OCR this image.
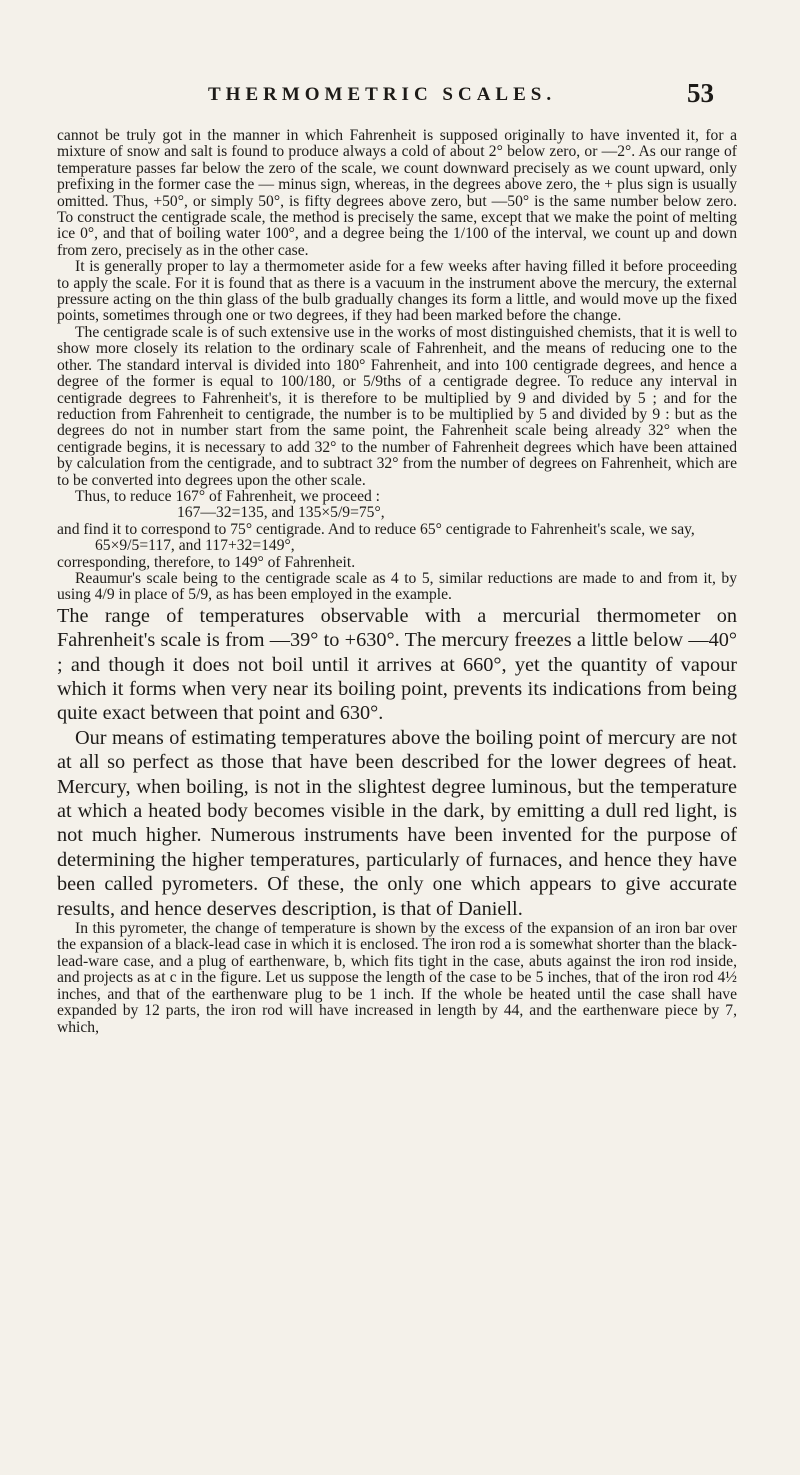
THERMOMETRIC SCALES.	53

cannot be truly got in the manner in which Fahrenheit is supposed originally to have invented it, for a mixture of snow and salt is found to produce always a cold of about 2° below zero, or —2°. As our range of temperature passes far below the zero of the scale, we count downward precisely as we count upward, only prefixing in the former case the — minus sign, whereas, in the degrees above zero, the + plus sign is usually omitted. Thus, +50°, or simply 50°, is fifty degrees above zero, but —50° is the same number below zero. To construct the centigrade scale, the method is precisely the same, except that we make the point of melting ice 0°, and that of boiling water 100°, and a degree being the 1/100 of the interval, we count up and down from zero, precisely as in the other case.

It is generally proper to lay a thermometer aside for a few weeks after having filled it before proceeding to apply the scale. For it is found that as there is a vacuum in the instrument above the mercury, the external pressure acting on the thin glass of the bulb gradually changes its form a little, and would move up the fixed points, sometimes through one or two degrees, if they had been marked before the change.

The centigrade scale is of such extensive use in the works of most distinguished chemists, that it is well to show more closely its relation to the ordinary scale of Fahrenheit, and the means of reducing one to the other. The standard interval is divided into 180° Fahrenheit, and into 100 centigrade degrees, and hence a degree of the former is equal to 100/180, or 5/9ths of a centigrade degree. To reduce any interval in centigrade degrees to Fahrenheit's, it is therefore to be multiplied by 9 and divided by 5 ; and for the reduction from Fahrenheit to centigrade, the number is to be multiplied by 5 and divided by 9 : but as the degrees do not in number start from the same point, the Fahrenheit scale being already 32° when the centigrade begins, it is necessary to add 32° to the number of Fahrenheit degrees which have been attained by calculation from the centigrade, and to subtract 32° from the number of degrees on Fahrenheit, which are to be converted into degrees upon the other scale.

Thus, to reduce 167° of Fahrenheit, we proceed :

167—32=135, and 135×5/9=75°,

and find it to correspond to 75° centigrade. And to reduce 65° centigrade to Fahrenheit's scale, we say,

65×9/5=117, and 117+32=149°,

corresponding, therefore, to 149° of Fahrenheit.

Reaumur's scale being to the centigrade scale as 4 to 5, similar reductions are made to and from it, by using 4/9 in place of 5/9, as has been employed in the example.

The range of temperatures observable with a mercurial thermometer on Fahrenheit's scale is from —39° to +630°. The mercury freezes a little below —40° ; and though it does not boil until it arrives at 660°, yet the quantity of vapour which it forms when very near its boiling point, prevents its indications from being quite exact between that point and 630°.

Our means of estimating temperatures above the boiling point of mercury are not at all so perfect as those that have been described for the lower degrees of heat. Mercury, when boiling, is not in the slightest degree luminous, but the temperature at which a heated body becomes visible in the dark, by emitting a dull red light, is not much higher. Numerous instruments have been invented for the purpose of determining the higher temperatures, particularly of furnaces, and hence they have been called pyrometers. Of these, the only one which appears to give accurate results, and hence deserves description, is that of Daniell.

In this pyrometer, the change of temperature is shown by the excess of the expansion of an iron bar over the expansion of a black-lead case in which it is enclosed. The iron rod a is somewhat shorter than the black-lead-ware case, and a plug of earthenware, b, which fits tight in the case, abuts against the iron rod inside, and projects as at c in the figure. Let us suppose the length of the case to be 5 inches, that of the iron rod 4½ inches, and that of the earthenware plug to be 1 inch. If the whole be heated until the case shall have expanded by 12 parts, the iron rod will have increased in length by 44, and the earthenware piece by 7, which,
